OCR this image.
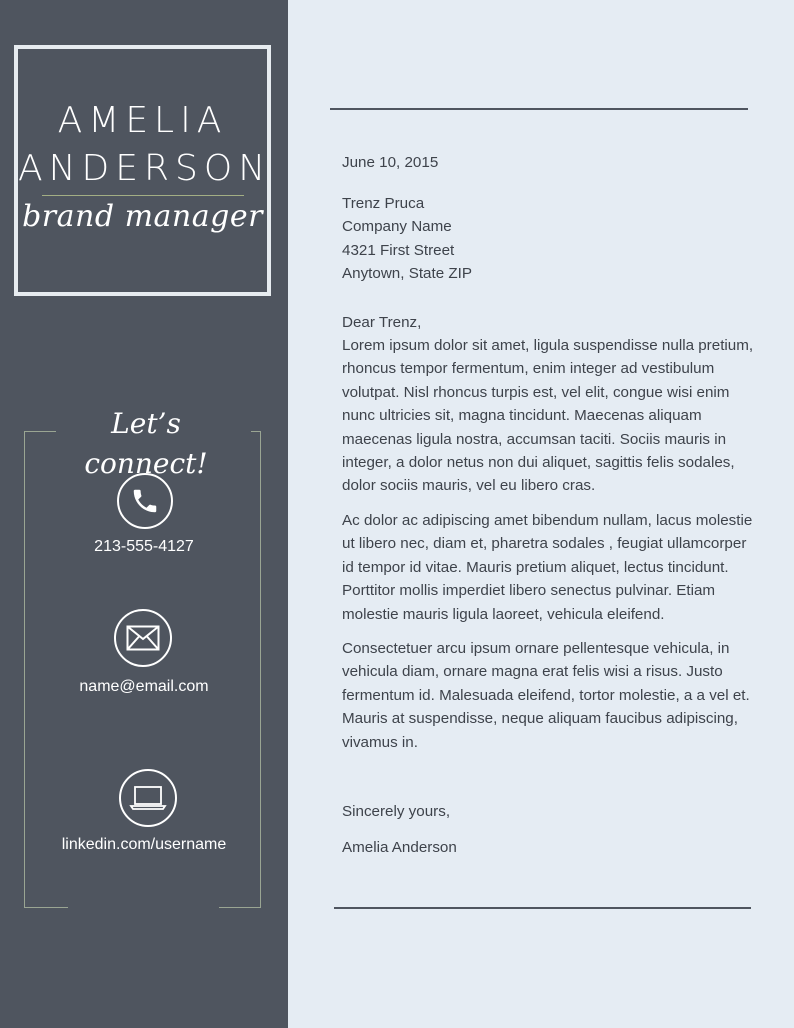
AMELIA
ANDERSON
brand manager
Let’s connect!
213-555-4127
name@email.com
linkedin.com/username
June 10, 2015
Trenz Pruca
Company Name
4321 First Street
Anytown, State ZIP
Dear Trenz,

Lorem ipsum dolor sit amet, ligula suspendisse nulla pretium, rhoncus tempor fermentum, enim integer ad vestibulum volutpat. Nisl rhoncus turpis est, vel elit, congue wisi enim nunc ultricies sit, magna tincidunt. Maecenas aliquam maecenas ligula nostra, accumsan taciti. Sociis mauris in integer, a dolor netus non dui aliquet, sagittis felis sodales, dolor sociis mauris, vel eu libero cras.

Ac dolor ac adipiscing amet bibendum nullam, lacus molestie ut libero nec, diam et, pharetra sodales , feugiat ullamcorper id tempor id vitae. Mauris pretium aliquet, lectus tincidunt. Porttitor mollis imperdiet libero senectus pulvinar. Etiam molestie mauris ligula laoreet, vehicula eleifend.

Consectetuer arcu ipsum ornare pellentesque vehicula, in vehicula diam, ornare magna erat felis wisi a risus. Justo fermentum id. Malesuada eleifend, tortor molestie, a a vel et. Mauris at suspendisse, neque aliquam faucibus adipiscing, vivamus in.

Sincerely yours,
Amelia Anderson
